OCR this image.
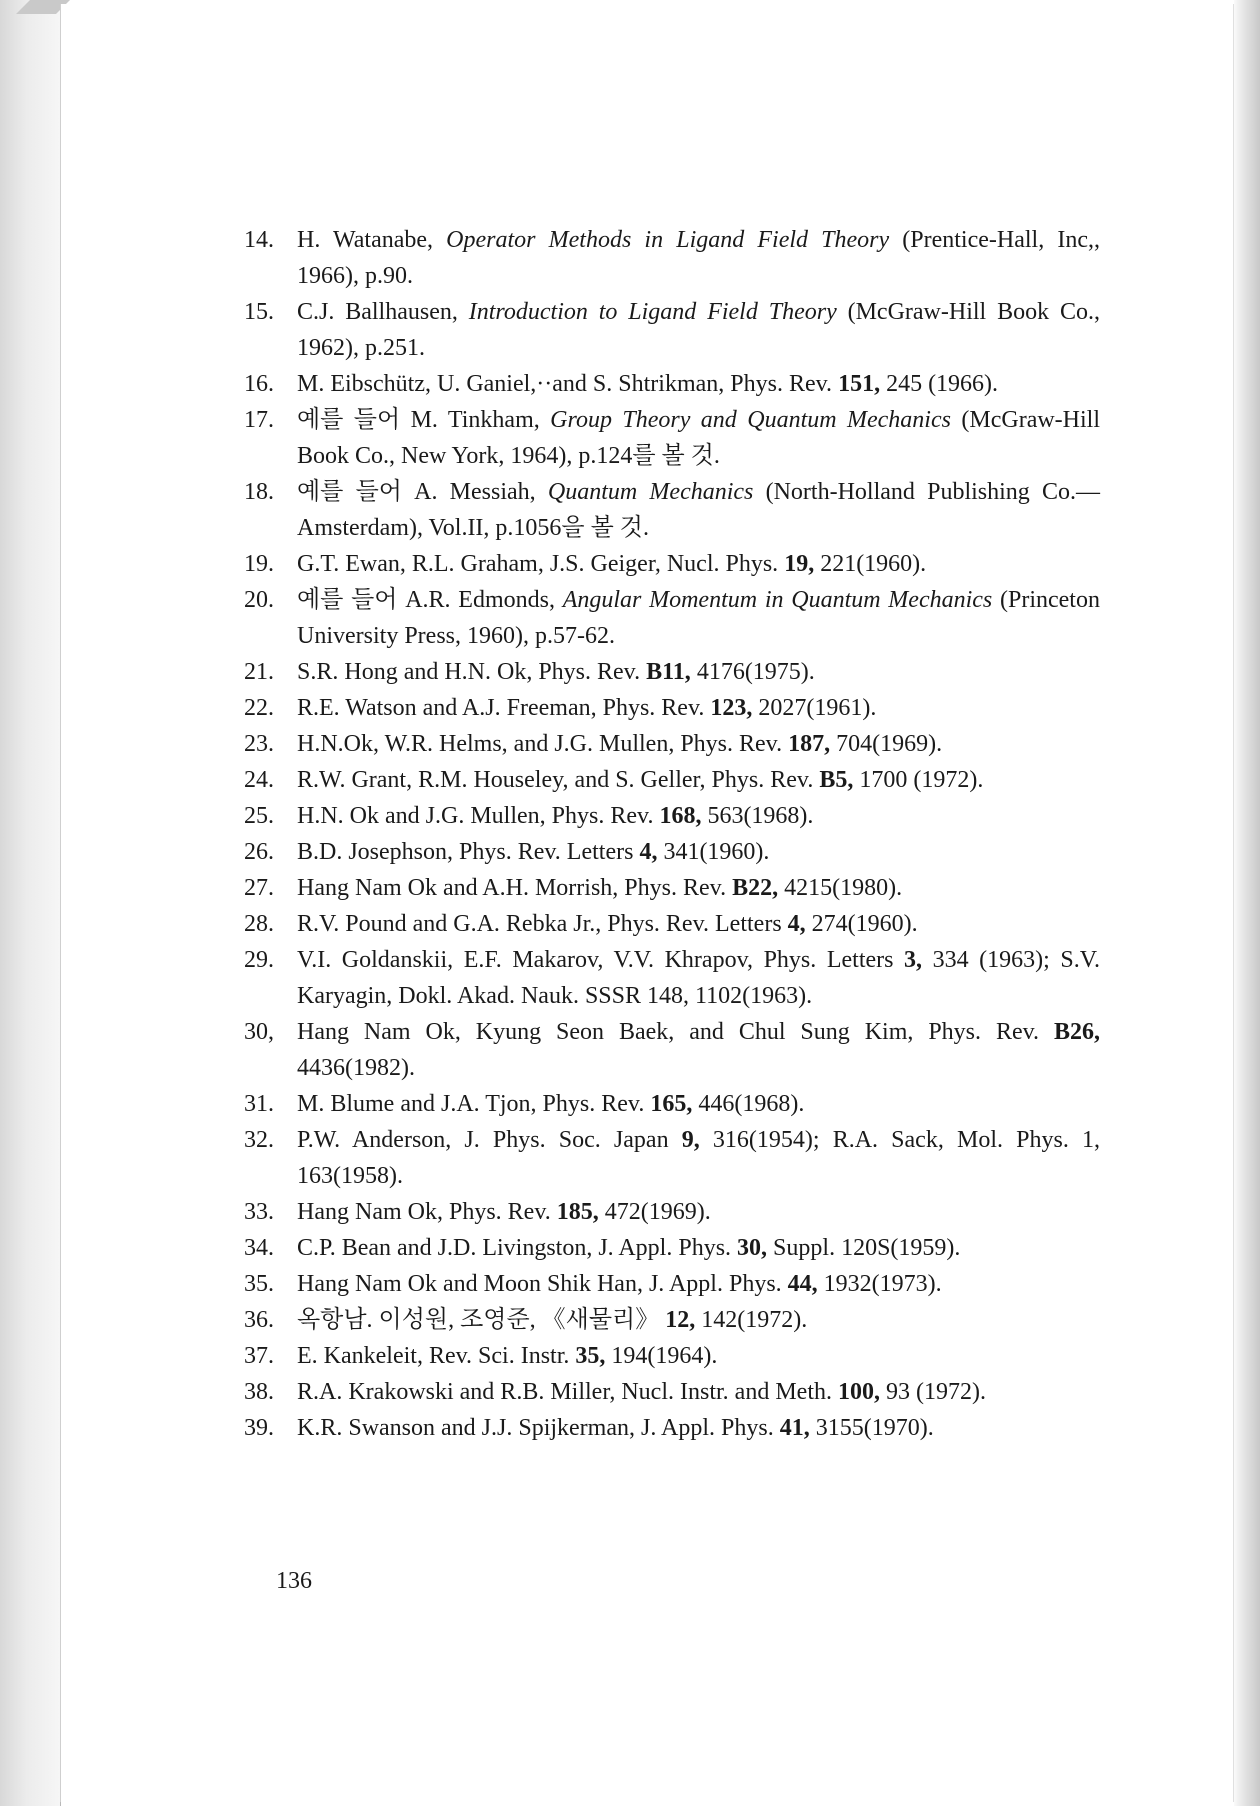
14. H. Watanabe, Operator Methods in Ligand Field Theory (Prentice-Hall, Inc,, 1966), p.90.
15. C.J. Ballhausen, Introduction to Ligand Field Theory (McGraw-Hill Book Co., 1962), p.251.
16. M. Eibschütz, U. Ganiel,··and S. Shtrikman, Phys. Rev. 151, 245 (1966).
17. 예를 들어 M. Tinkham, Group Theory and Quantum Mechanics (McGraw-Hill Book Co., New York, 1964), p.124를 볼 것.
18. 예를 들어 A. Messiah, Quantum Mechanics (North-Holland Publishing Co.—Amsterdam), Vol.II, p.1056을 볼 것.
19. G.T. Ewan, R.L. Graham, J.S. Geiger, Nucl. Phys. 19, 221(1960).
20. 예를 들어 A.R. Edmonds, Angular Momentum in Quantum Mechanics (Princeton University Press, 1960), p.57-62.
21. S.R. Hong and H.N. Ok, Phys. Rev. B11, 4176(1975).
22. R.E. Watson and A.J. Freeman, Phys. Rev. 123, 2027(1961).
23. H.N.Ok, W.R. Helms, and J.G. Mullen, Phys. Rev. 187, 704(1969).
24. R.W. Grant, R.M. Houseley, and S. Geller, Phys. Rev. B5, 1700 (1972).
25. H.N. Ok and J.G. Mullen, Phys. Rev. 168, 563(1968).
26. B.D. Josephson, Phys. Rev. Letters 4, 341(1960).
27. Hang Nam Ok and A.H. Morrish, Phys. Rev. B22, 4215(1980).
28. R.V. Pound and G.A. Rebka Jr., Phys. Rev. Letters 4, 274(1960).
29. V.I. Goldanskii, E.F. Makarov, V.V. Khrapov, Phys. Letters 3, 334 (1963); S.V. Karyagin, Dokl. Akad. Nauk. SSSR 148, 1102(1963).
30, Hang Nam Ok, Kyung Seon Baek, and Chul Sung Kim, Phys. Rev. B26, 4436(1982).
31. M. Blume and J.A. Tjon, Phys. Rev. 165, 446(1968).
32. P.W. Anderson, J. Phys. Soc. Japan 9, 316(1954); R.A. Sack, Mol. Phys. 1, 163(1958).
33. Hang Nam Ok, Phys. Rev. 185, 472(1969).
34. C.P. Bean and J.D. Livingston, J. Appl. Phys. 30, Suppl. 120S(1959).
35. Hang Nam Ok and Moon Shik Han, J. Appl. Phys. 44, 1932(1973).
36. 옥항남. 이성원, 조영준, 《새물리》 12, 142(1972).
37. E. Kankeleit, Rev. Sci. Instr. 35, 194(1964).
38. R.A. Krakowski and R.B. Miller, Nucl. Instr. and Meth. 100, 93 (1972).
39. K.R. Swanson and J.J. Spijkerman, J. Appl. Phys. 41, 3155(1970).
136
